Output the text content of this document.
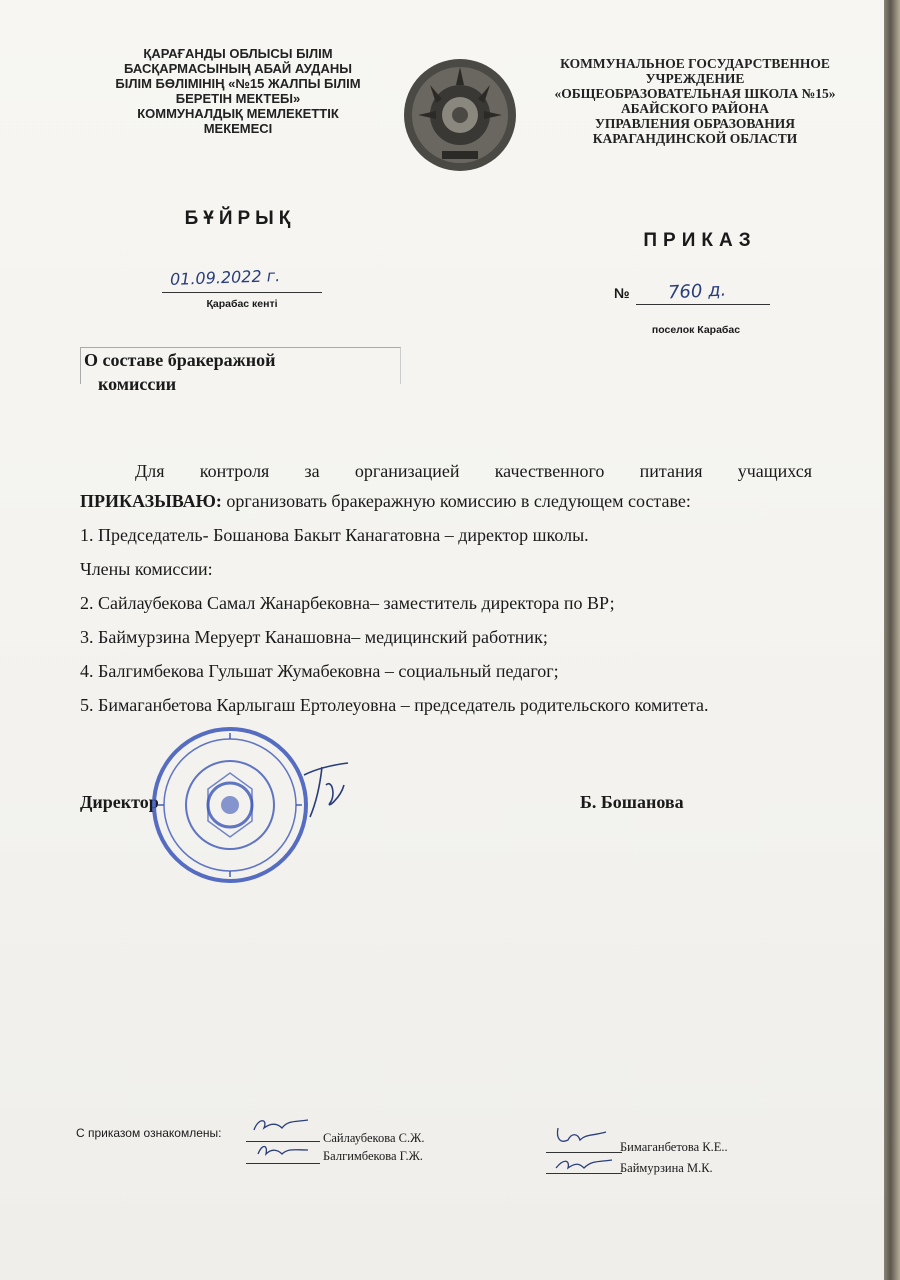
ҚАРАҒАНДЫ ОБЛЫСЫ БІЛІМ
БАСҚАРМАСЫНЫҢ АБАЙ АУДАНЫ
БІЛІМ БӨЛІМІНІҢ «№15 ЖАЛПЫ БІЛІМ
БЕРЕТІН МЕКТЕБІ»
КОММУНАЛДЫҚ МЕМЛЕКЕТТІК
МЕКЕМЕСІ
КОММУНАЛЬНОЕ ГОСУДАРСТВЕННОЕ
УЧРЕЖДЕНИЕ
«ОБЩЕОБРАЗОВАТЕЛЬНАЯ ШКОЛА №15»
АБАЙСКОГО РАЙОНА
УПРАВЛЕНИЯ ОБРАЗОВАНИЯ
КАРАГАНДИНСКОЙ ОБЛАСТИ
БҰЙРЫҚ
ПРИКАЗ
01.09.2022 г.
Қарабас кенті
№ 760 д.
поселок Карабас
О составе бракеражной
комиссии

Для контроля за организацией качественного питания учащихся

ПРИКАЗЫВАЮ: организовать бракеражную комиссию в следующем составе:

1. Председатель- Бошанова Бакыт Канагатовна – директор школы.

Члены комиссии:

2. Сайлаубекова Самал Жанарбековна– заместитель директора по ВР;

3. Баймурзина Меруерт Канашовна– медицинский работник;

4. Балгимбекова Гульшат Жумабековна – социальный педагог;

5. Бимаганбетова Карлыгаш Ертолеуовна – председатель родительского комитета.

Директор	Б. Бошанова
С приказом ознакомлены:	Сайлаубекова С.Ж.
Балгимбекова Г.Ж.
Бимаганбетова К.Е..
Баймурзина М.К.
